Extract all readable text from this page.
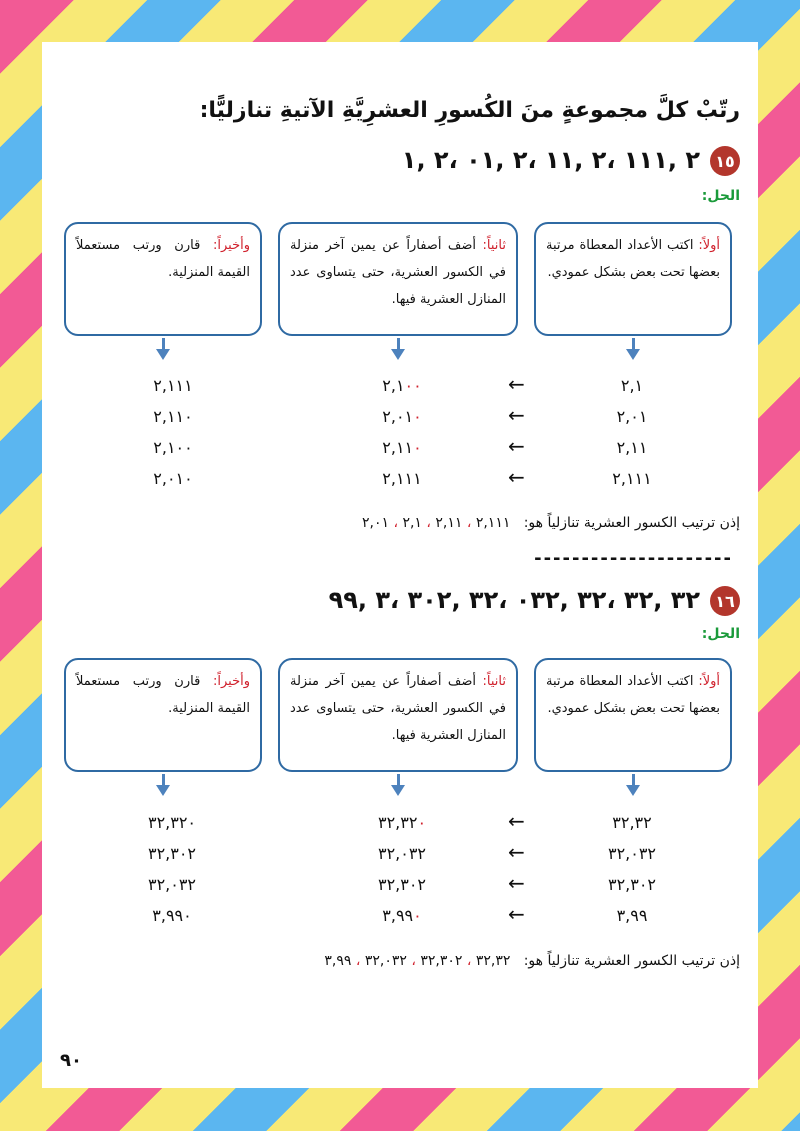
رتّبْ كلَّ مجموعةٍ منَ الكُسورِ العشرِيَّةِ الآتيةِ تنازليًّا:
١٥
٢ ,١١١ ،٢ ,١١ ،٢ ,٠١ ،٢ ,١
الحل:
أولاً: اكتب الأعداد المعطاة مرتبة بعضها تحت بعض بشكل عمودي.
ثانياً: أضف أصفاراً عن يمين آخر منزلة في الكسور العشرية، حتى يتساوى عدد المنازل العشرية فيها.
وأخيراً: قارن ورتب مستعملاً القيمة المنزلية.
٢,١
٢,٠١
٢,١١
٢,١١١
←
←
←
←
٢,١٠٠
٢,٠١٠
٢,١١٠
٢,١١١
٢,١١١
٢,١١٠
٢,١٠٠
٢,٠١٠
إذن ترتيب الكسور العشرية تنازلياً هو:   ٢,١١١ ، ٢,١١ ، ٢,١ ، ٢,٠١
---------------------
١٦
٣٢ ,٣٢ ،٣٢ ,٠٣٢ ،٣٢ ,٣٠٢ ،٣ ,٩٩
الحل:
أولاً: اكتب الأعداد المعطاة مرتبة بعضها تحت بعض بشكل عمودي.
ثانياً: أضف أصفاراً عن يمين آخر منزلة في الكسور العشرية، حتى يتساوى عدد المنازل العشرية فيها.
وأخيراً: قارن ورتب مستعملاً القيمة المنزلية.
٣٢,٣٢
٣٢,٠٣٢
٣٢,٣٠٢
٣,٩٩
←
←
←
←
٣٢,٣٢٠
٣٢,٠٣٢
٣٢,٣٠٢
٣,٩٩٠
٣٢,٣٢٠
٣٢,٣٠٢
٣٢,٠٣٢
٣,٩٩٠
إذن ترتيب الكسور العشرية تنازلياً هو:   ٣٢,٣٢ ، ٣٢,٣٠٢ ، ٣٢,٠٣٢ ، ٣,٩٩
٩٠
